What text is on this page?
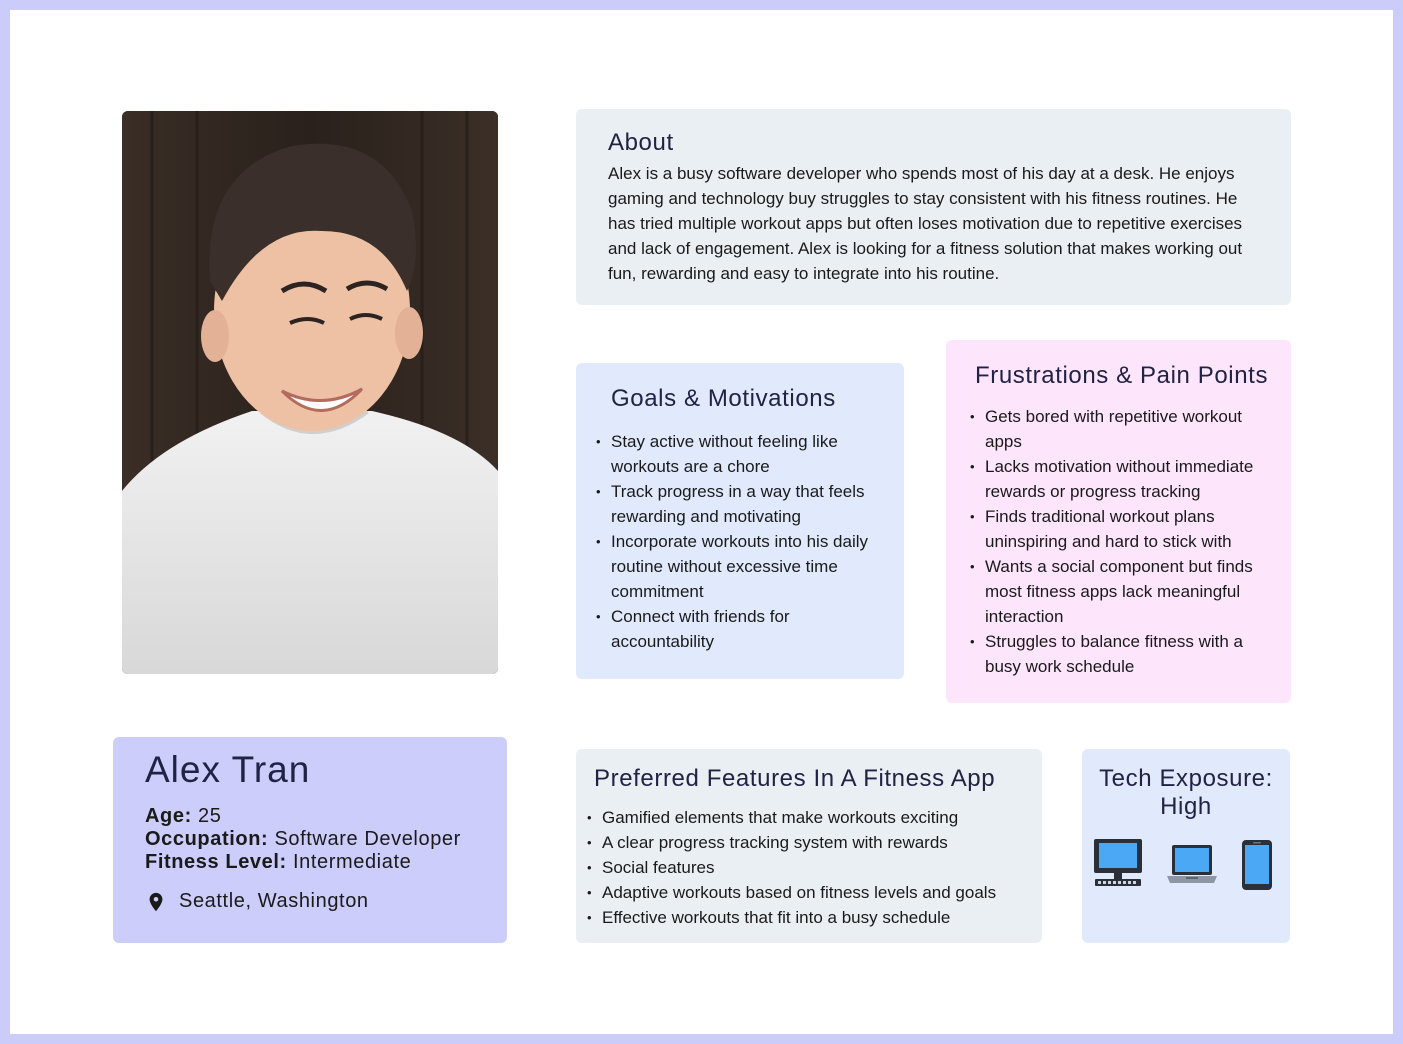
About

Alex is a busy software developer who spends most of his day at a desk. He enjoys gaming and technology buy struggles to stay consistent with his fitness routines. He has tried multiple workout apps but often loses motivation due to repetitive exercises and lack of engagement. Alex is looking for a fitness solution that makes working out fun, rewarding and easy to integrate into his routine.

Goals & Motivations
• Stay active without feeling like workouts are a chore
• Track progress in a way that feels rewarding and motivating
• Incorporate workouts into his daily routine without excessive time commitment
• Connect with friends for accountability
Frustrations & Pain Points
• Gets bored with repetitive workout apps
• Lacks motivation without immediate rewards or progress tracking
• Finds traditional workout plans uninspiring and hard to stick with
• Wants a social component but finds most fitness apps lack meaningful interaction
• Struggles to balance fitness with a busy work schedule
Alex Tran
Age: 25
Occupation: Software Developer
Fitness Level: Intermediate
Seattle, Washington
Preferred Features In A Fitness App
• Gamified elements that make workouts exciting
• A clear progress tracking system with rewards
• Social features
• Adaptive workouts based on fitness levels and goals
• Effective workouts that fit into a busy schedule
Tech Exposure:
High
